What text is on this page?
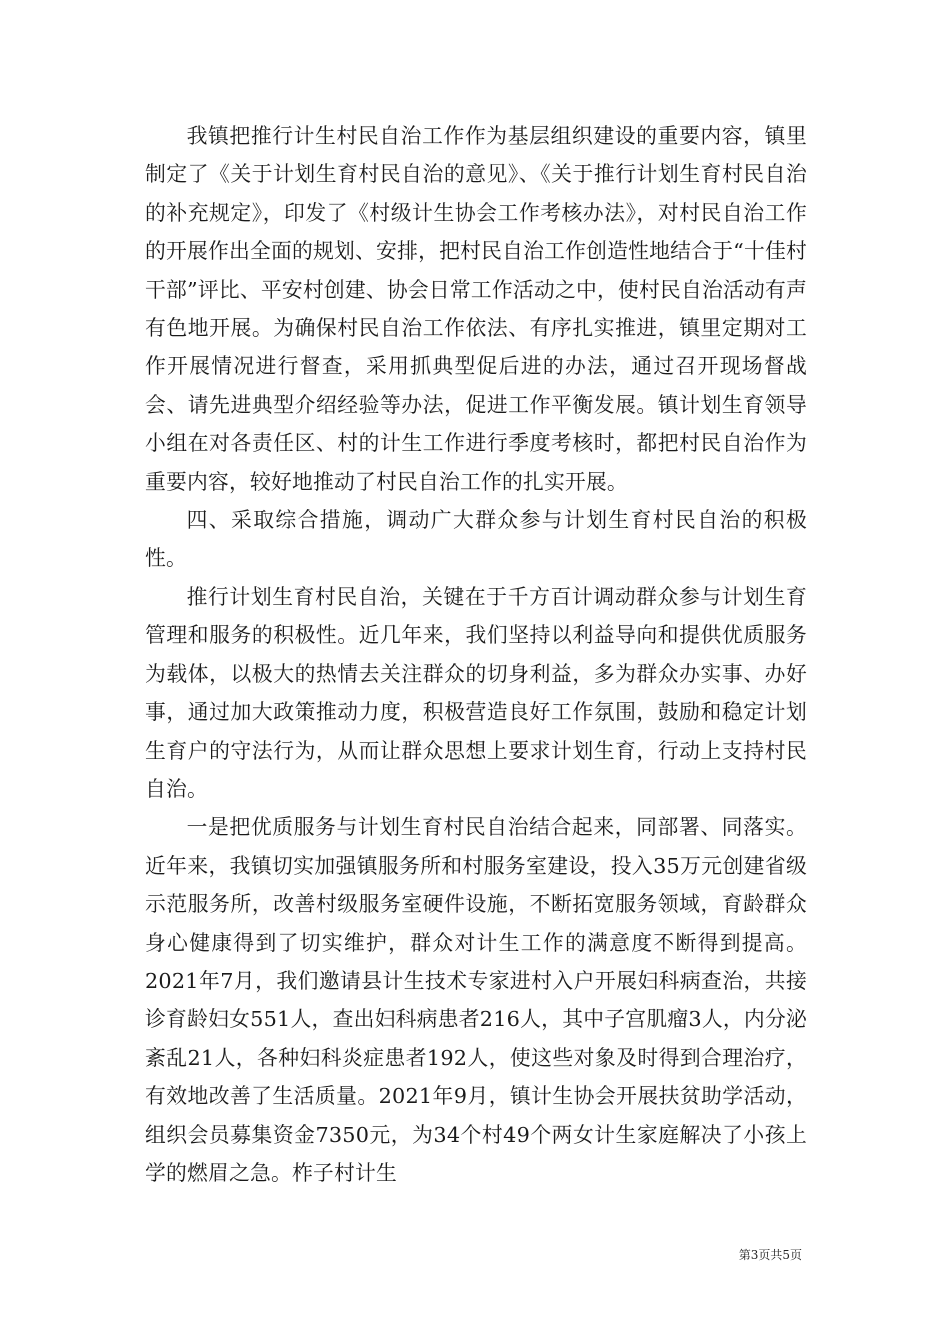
我镇把推行计生村民自治工作作为基层组织建设的重要内容，镇里制定了《关于计划生育村民自治的意见》、《关于推行计划生育村民自治的补充规定》，印发了《村级计生协会工作考核办法》，对村民自治工作的开展作出全面的规划、安排，把村民自治工作创造性地结合于“十佳村干部”评比、平安村创建、协会日常工作活动之中，使村民自治活动有声有色地开展。为确保村民自治工作依法、有序扎实推进，镇里定期对工作开展情况进行督查，采用抓典型促后进的办法，通过召开现场督战会、请先进典型介绍经验等办法，促进工作平衡发展。镇计划生育领导小组在对各责任区、村的计生工作进行季度考核时，都把村民自治作为重要内容，较好地推动了村民自治工作的扎实开展。

四、采取综合措施，调动广大群众参与计划生育村民自治的积极性。

推行计划生育村民自治，关键在于千方百计调动群众参与计划生育管理和服务的积极性。近几年来，我们坚持以利益导向和提供优质服务为载体，以极大的热情去关注群众的切身利益，多为群众办实事、办好事，通过加大政策推动力度，积极营造良好工作氛围，鼓励和稳定计划生育户的守法行为，从而让群众思想上要求计划生育，行动上支持村民自治。

一是把优质服务与计划生育村民自治结合起来，同部署、同落实。近年来，我镇切实加强镇服务所和村服务室建设，投入35万元创建省级示范服务所，改善村级服务室硬件设施，不断拓宽服务领域，育龄群众身心健康得到了切实维护，群众对计生工作的满意度不断得到提高。2021年7月，我们邀请县计生技术专家进村入户开展妇科病查治，共接诊育龄妇女551人，查出妇科病患者216人，其中子宫肌瘤3人，内分泌紊乱21人，各种妇科炎症患者192人，使这些对象及时得到合理治疗，有效地改善了生活质量。2021年9月，镇计生协会开展扶贫助学活动，组织会员募集资金7350元，为34个村49个两女计生家庭解决了小孩上学的燃眉之急。柞子村计生

第3页共5页
